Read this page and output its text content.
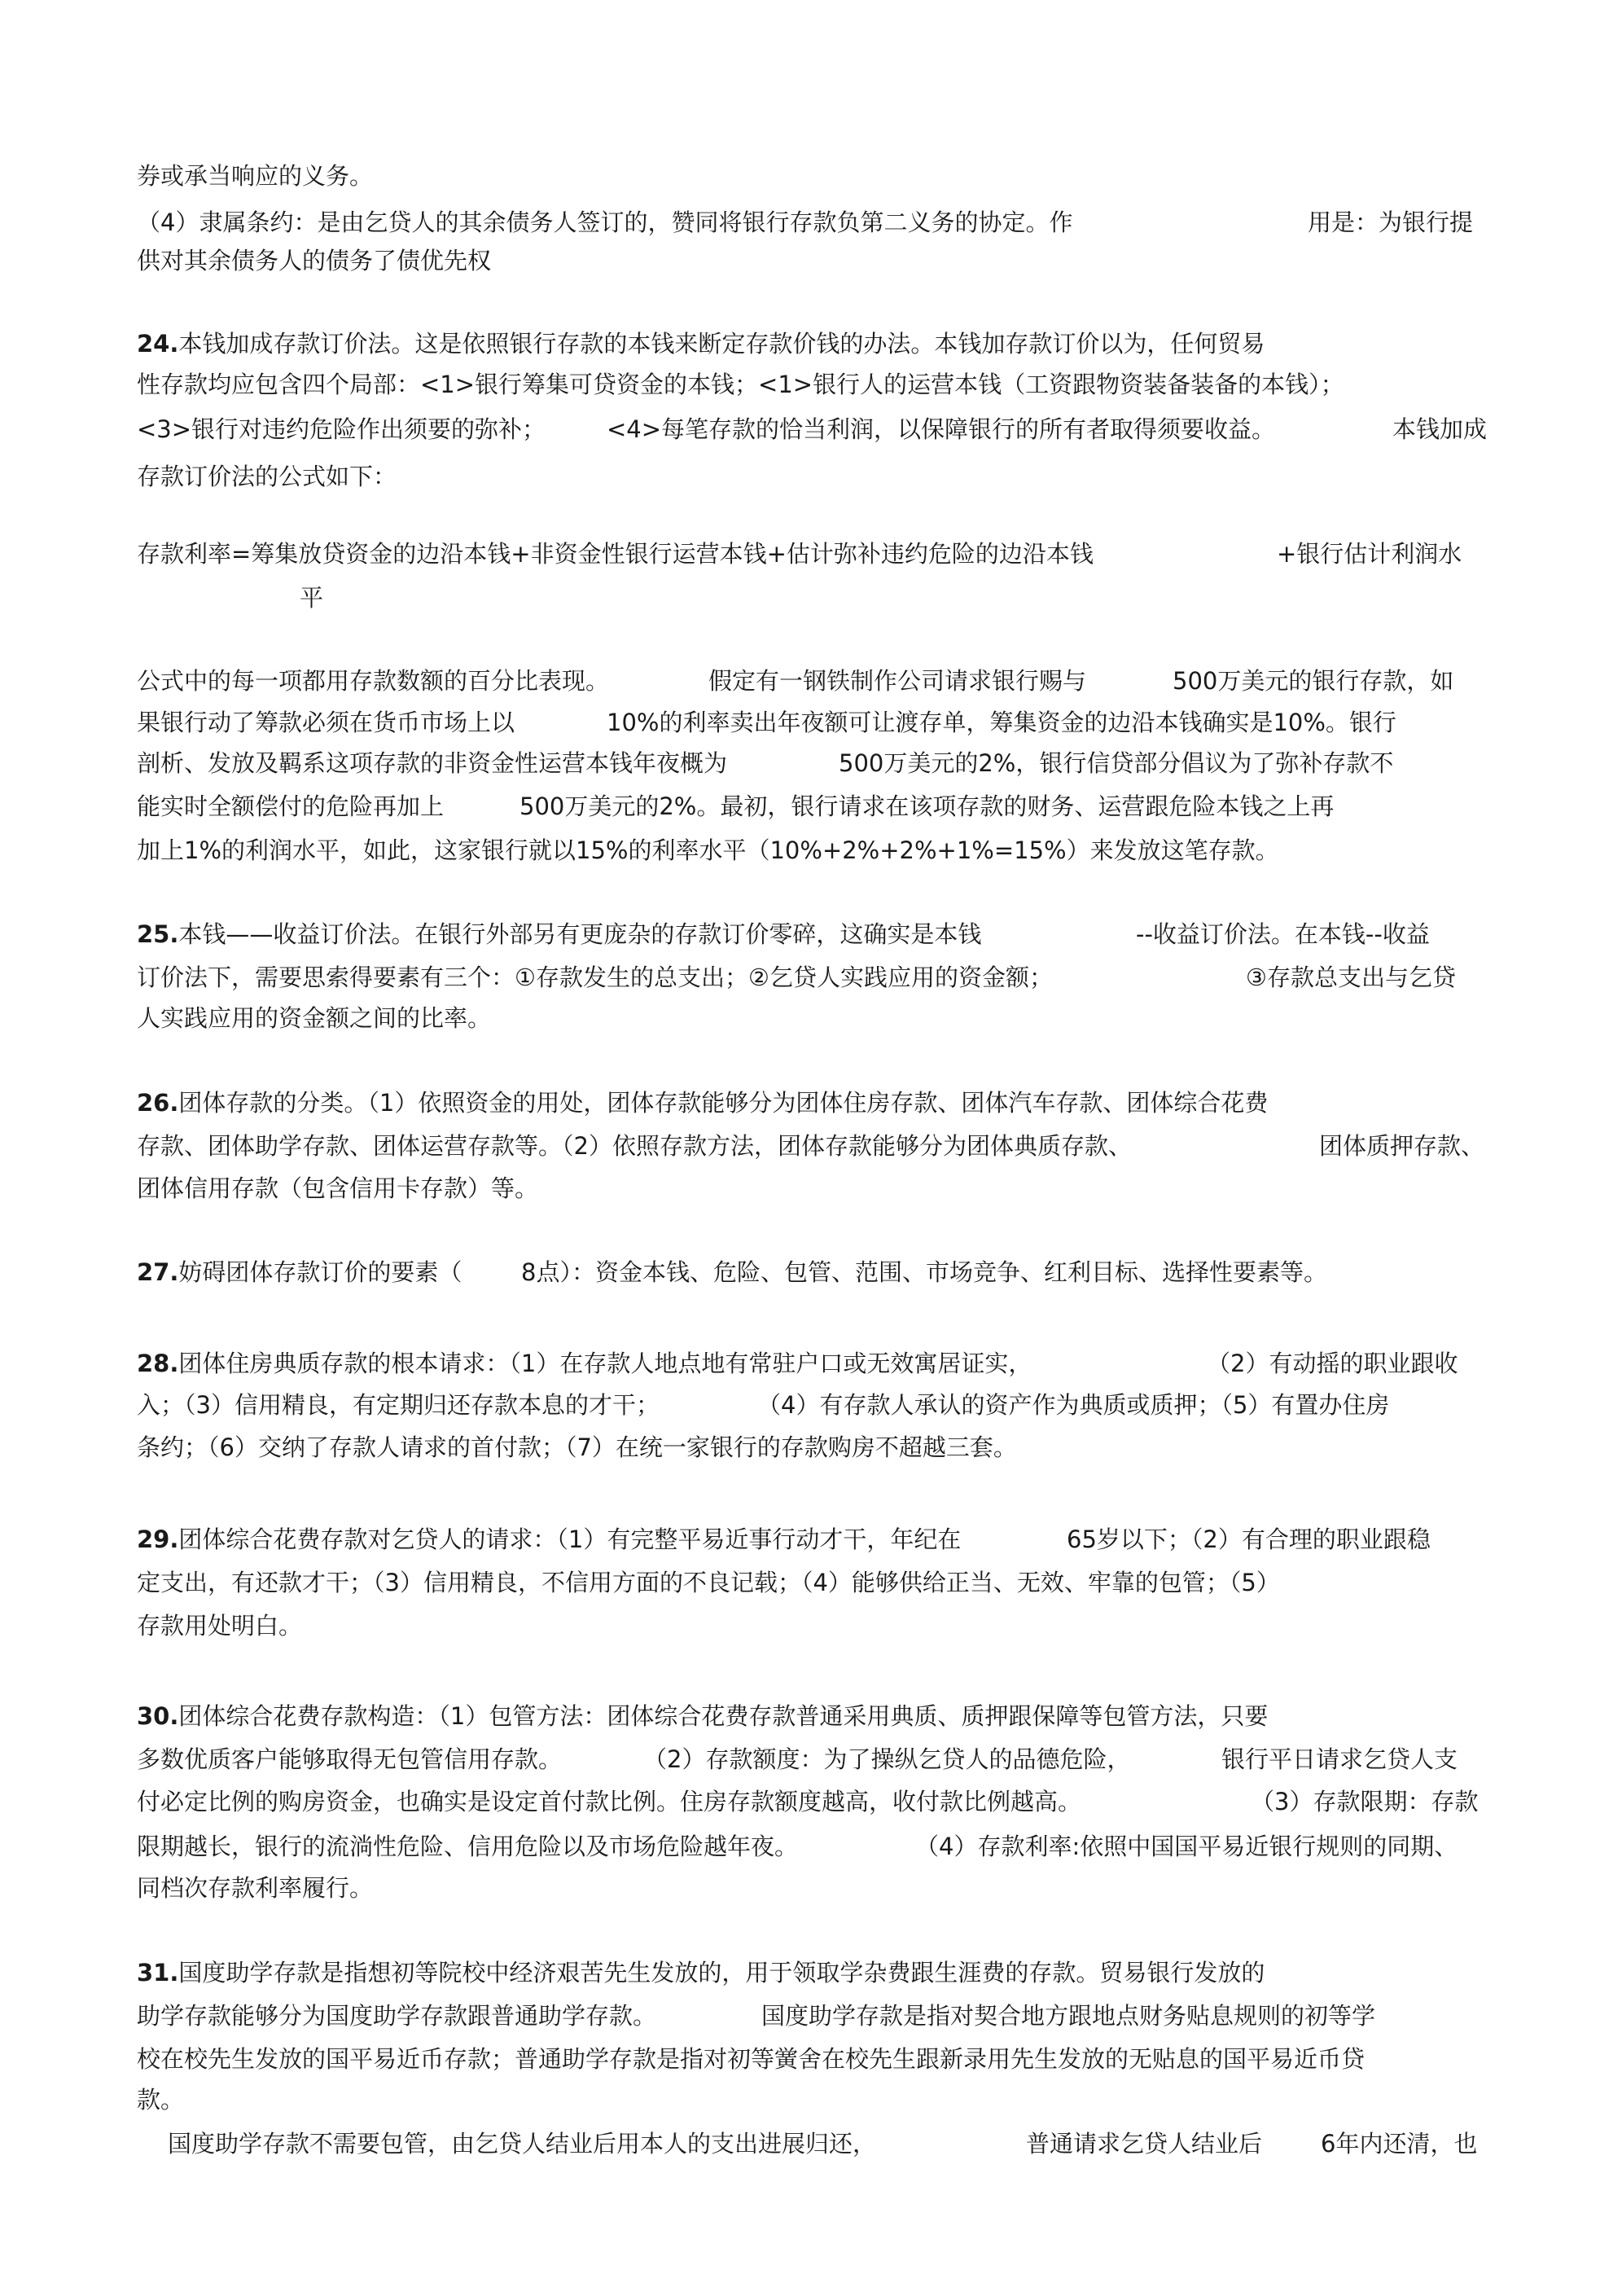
券或承当响应的义务。
（4）隶属条约：是由乞贷人的其余债务人签订的，赞同将银行存款负第二义务的协定。作	用是：为银行提
供对其余债务人的债务了债优先权
24.本钱加成存款订价法。这是依照银行存款的本钱来断定存款价钱的办法。本钱加存款订价以为，任何贸易
性存款均应包含四个局部：<1>银行筹集可贷资金的本钱；<1>银行人的运营本钱（工资跟物资装备装备的本钱）；
<3>银行对违约危险作出须要的弥补；	<4>每笔存款的恰当利润，以保障银行的所有者取得须要收益。	本钱加成
存款订价法的公式如下：
存款利率=筹集放贷资金的边沿本钱+非资金性银行运营本钱+估计弥补违约危险的边沿本钱	+银行估计利润水
平
公式中的每一项都用存款数额的百分比表现。	假定有一钢铁制作公司请求银行赐与	500万美元的银行存款，如
果银行动了筹款必须在货币市场上以	10%的利率卖出年夜额可让渡存单，筹集资金的边沿本钱确实是10%。银行
剖析、发放及羁系这项存款的非资金性运营本钱年夜概为	500万美元的2%，银行信贷部分倡议为了弥补存款不
能实时全额偿付的危险再加上	500万美元的2%。最初，银行请求在该项存款的财务、运营跟危险本钱之上再
加上1%的利润水平，如此，这家银行就以15%的利率水平（10%+2%+2%+1%=15%）来发放这笔存款。
25.本钱——收益订价法。在银行外部另有更庞杂的存款订价零碎，这确实是本钱	--收益订价法。在本钱--收益
订价法下，需要思索得要素有三个：①存款发生的总支出；②乞贷人实践应用的资金额；	③存款总支出与乞贷
人实践应用的资金额之间的比率。
26.团体存款的分类。（1）依照资金的用处，团体存款能够分为团体住房存款、团体汽车存款、团体综合花费
存款、团体助学存款、团体运营存款等。（2）依照存款方法，团体存款能够分为团体典质存款、	团体质押存款、
团体信用存款（包含信用卡存款）等。
27.妨碍团体存款订价的要素（	8点）：资金本钱、危险、包管、范围、市场竞争、红利目标、选择性要素等。
28.团体住房典质存款的根本请求：（1）在存款人地点地有常驻户口或无效寓居证实，	（2）有动摇的职业跟收
入；（3）信用精良，有定期归还存款本息的才干；	（4）有存款人承认的资产作为典质或质押；（5）有置办住房
条约；（6）交纳了存款人请求的首付款；（7）在统一家银行的存款购房不超越三套。
29.团体综合花费存款对乞贷人的请求：（1）有完整平易近事行动才干，年纪在	65岁以下；（2）有合理的职业跟稳
定支出，有还款才干；（3）信用精良，不信用方面的不良记载；（4）能够供给正当、无效、牢靠的包管；（5）
存款用处明白。
30.团体综合花费存款构造：（1）包管方法：团体综合花费存款普通采用典质、质押跟保障等包管方法，只要
多数优质客户能够取得无包管信用存款。	（2）存款额度：为了操纵乞贷人的品德危险，	银行平日请求乞贷人支
付必定比例的购房资金，也确实是设定首付款比例。住房存款额度越高，收付款比例越高。	（3）存款限期：存款
限期越长，银行的流淌性危险、信用危险以及市场危险越年夜。	（4）存款利率:依照中国国平易近银行规则的同期、
同档次存款利率履行。
31.国度助学存款是指想初等院校中经济艰苦先生发放的，用于领取学杂费跟生涯费的存款。贸易银行发放的
助学存款能够分为国度助学存款跟普通助学存款。	国度助学存款是指对契合地方跟地点财务贴息规则的初等学
校在校先生发放的国平易近币存款；普通助学存款是指对初等黉舍在校先生跟新录用先生发放的无贴息的国平易近币贷
款。
国度助学存款不需要包管，由乞贷人结业后用本人的支出进展归还，	普通请求乞贷人结业后 6年内还清，也
